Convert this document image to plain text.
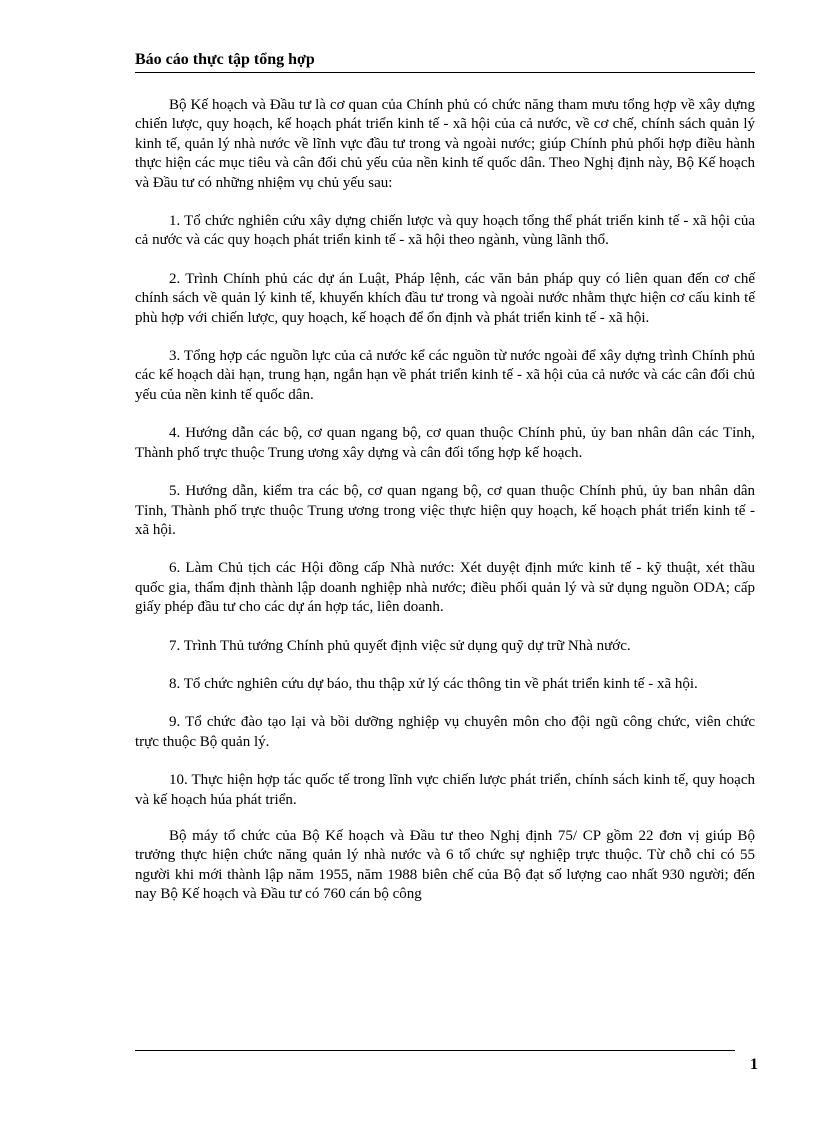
Báo cáo thực tập tổng hợp

Bộ Kế hoạch và Đầu tư là cơ quan của Chính phủ có chức năng tham mưu tổng hợp về xây dựng chiến lược, quy hoạch, kế hoạch phát triển kinh tế - xã hội của cả nước, về cơ chế, chính sách quản lý kinh tế, quản lý nhà nước về lĩnh vực đầu tư trong và ngoài nước; giúp Chính phủ phối hợp điều hành thực hiện các mục tiêu và cân đối chủ yếu của nền kinh tế quốc dân. Theo Nghị định này, Bộ Kế hoạch và Đầu tư có những nhiệm vụ chủ yếu sau:

1. Tổ chức nghiên cứu xây dựng chiến lược và quy hoạch tổng thể phát triển kinh tế - xã hội của cả nước và các quy hoạch phát triển kinh tế - xã hội theo ngành, vùng lãnh thổ.

2. Trình Chính phủ các dự án Luật, Pháp lệnh, các văn bản pháp quy có liên quan đến cơ chế chính sách về quản lý kinh tế, khuyến khích đầu tư trong và ngoài nước nhằm thực hiện cơ cấu kinh tế phù hợp với chiến lược, quy hoạch, kế hoạch để ổn định và phát triển kinh tế - xã hội.

3. Tổng hợp các nguồn lực của cả nước kể các nguồn từ nước ngoài để xây dựng trình Chính phủ các kế hoạch dài hạn, trung hạn, ngắn hạn về phát triển kinh tế - xã hội của cả nước và các cân đối chủ yếu của nền kinh tế quốc dân.

4. Hướng dẫn các bộ, cơ quan ngang bộ, cơ quan thuộc Chính phủ, ủy ban nhân dân các Tỉnh, Thành phố trực thuộc Trung ương xây dựng và cân đối tổng hợp kế hoạch.

5. Hướng dẫn, kiểm tra các bộ, cơ quan ngang bộ, cơ quan thuộc Chính phủ, ủy ban nhân dân Tỉnh, Thành phố trực thuộc Trung ương trong việc thực hiện quy hoạch, kế hoạch phát triển kinh tế - xã hội.

6. Làm Chủ tịch các Hội đồng cấp Nhà nước: Xét duyệt định mức kinh tế - kỹ thuật, xét thầu quốc gia, thẩm định thành lập doanh nghiệp nhà nước; điều phối quản lý và sử dụng nguồn ODA; cấp giấy phép đầu tư cho các dự án hợp tác, liên doanh.

7. Trình Thủ tướng Chính phủ quyết định việc sử dụng quỹ dự trữ Nhà nước.

8. Tổ chức nghiên cứu dự báo, thu thập xử lý các thông tin về phát triển kinh tế - xã hội.

9. Tổ chức đào tạo lại và bồi dưỡng nghiệp vụ chuyên môn cho đội ngũ công chức, viên chức trực thuộc Bộ quản lý.

10. Thực hiện hợp tác quốc tế trong lĩnh vực chiến lược phát triển, chính sách kinh tế, quy hoạch và kế hoạch húa phát triển.

Bộ máy tổ chức của Bộ Kế hoạch và Đầu tư theo Nghị định 75/ CP gồm 22 đơn vị giúp Bộ trưởng thực hiện chức năng quản lý nhà nước và 6 tổ chức sự nghiệp trực thuộc. Từ chỗ chỉ có 55 người khi mới thành lập năm 1955, năm 1988 biên chế của Bộ đạt số lượng cao nhất 930 người; đến nay Bộ Kế hoạch và Đầu tư có 760 cán bộ công

1
